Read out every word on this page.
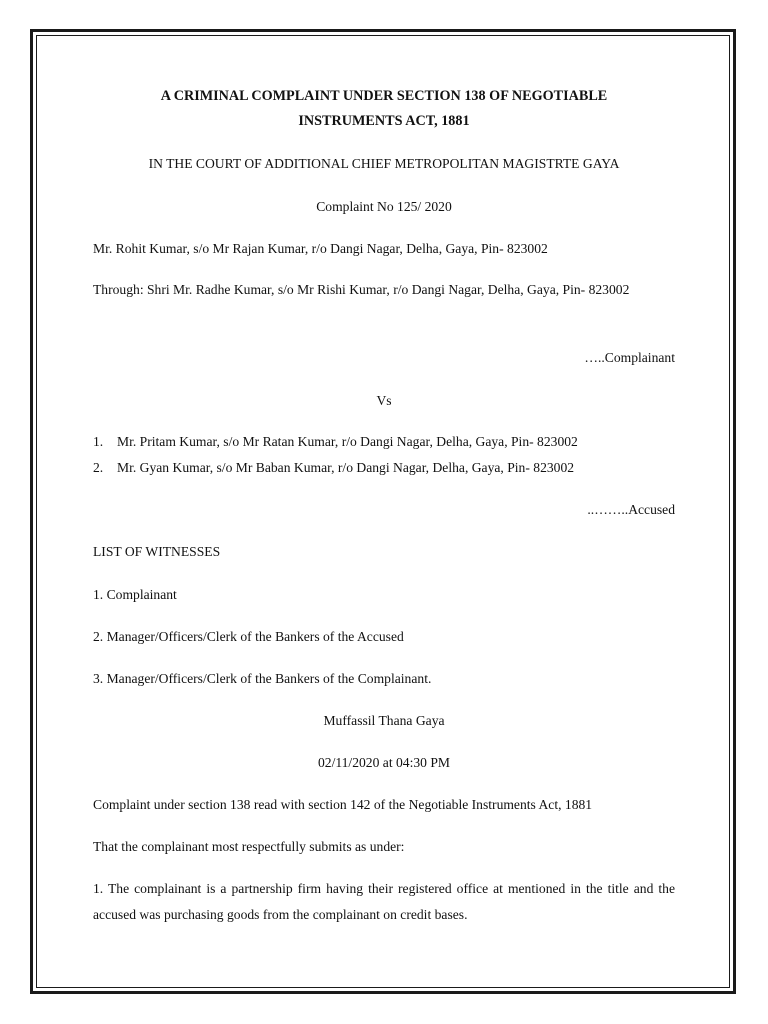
A CRIMINAL COMPLAINT UNDER SECTION 138 OF NEGOTIABLE
INSTRUMENTS ACT, 1881
IN THE COURT OF ADDITIONAL CHIEF METROPOLITAN MAGISTRTE GAYA
Complaint No 125/ 2020
Mr. Rohit Kumar, s/o Mr Rajan Kumar, r/o Dangi Nagar, Delha, Gaya, Pin- 823002
Through: Shri Mr. Radhe Kumar, s/o Mr Rishi Kumar, r/o Dangi Nagar, Delha, Gaya, Pin- 823002
…..Complainant
Vs
1. Mr. Pritam Kumar, s/o Mr Ratan Kumar, r/o Dangi Nagar, Delha, Gaya, Pin- 823002
2. Mr. Gyan Kumar, s/o Mr Baban Kumar, r/o Dangi Nagar, Delha, Gaya, Pin- 823002
..……..Accused
LIST OF WITNESSES
1. Complainant
2. Manager/Officers/Clerk of the Bankers of the Accused
3. Manager/Officers/Clerk of the Bankers of the Complainant.
Muffassil Thana Gaya
02/11/2020 at 04:30 PM
Complaint under section 138 read with section 142 of the Negotiable Instruments Act, 1881
That the complainant most respectfully submits as under:
1. The complainant is a partnership firm having their registered office at mentioned in the title and the accused was purchasing goods from the complainant on credit bases.
